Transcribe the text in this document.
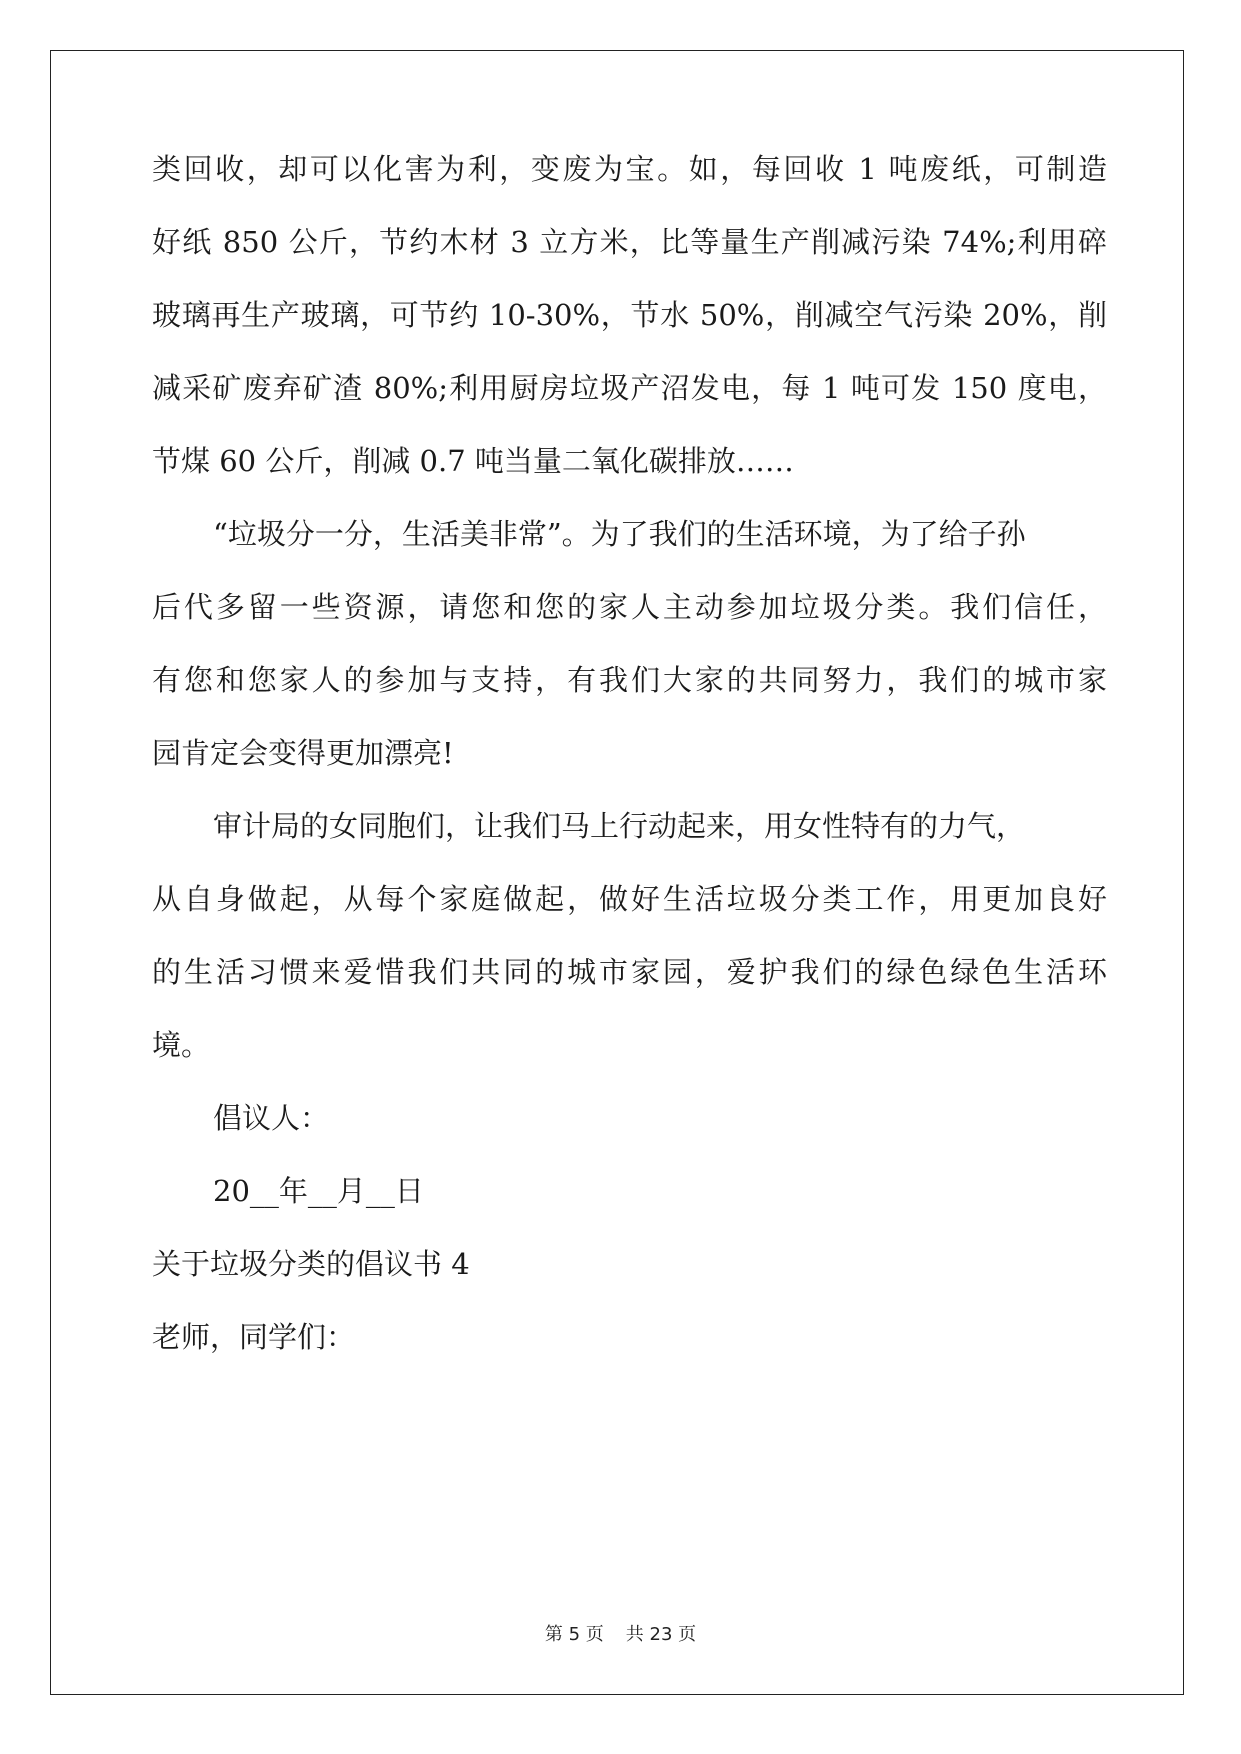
类回收，却可以化害为利，变废为宝。如，每回收 1 吨废纸，可制造
好纸 850 公斤，节约木材 3 立方米，比等量生产削减污染 74%;利用碎
玻璃再生产玻璃，可节约 10-30%，节水 50%，削减空气污染 20%，削
减采矿废弃矿渣 80%;利用厨房垃圾产沼发电，每 1 吨可发 150 度电，
节煤 60 公斤，削减 0.7 吨当量二氧化碳排放……
“垃圾分一分，生活美非常”。为了我们的生活环境，为了给子孙
后代多留一些资源，请您和您的家人主动参加垃圾分类。我们信任，
有您和您家人的参加与支持，有我们大家的共同努力，我们的城市家
园肯定会变得更加漂亮!
审计局的女同胞们，让我们马上行动起来，用女性特有的力气，
从自身做起，从每个家庭做起，做好生活垃圾分类工作，用更加良好
的生活习惯来爱惜我们共同的城市家园，爱护我们的绿色绿色生活环
境。
倡议人：
20__年__月__日
关于垃圾分类的倡议书 4
老师，同学们：
第 5 页 共 23 页
